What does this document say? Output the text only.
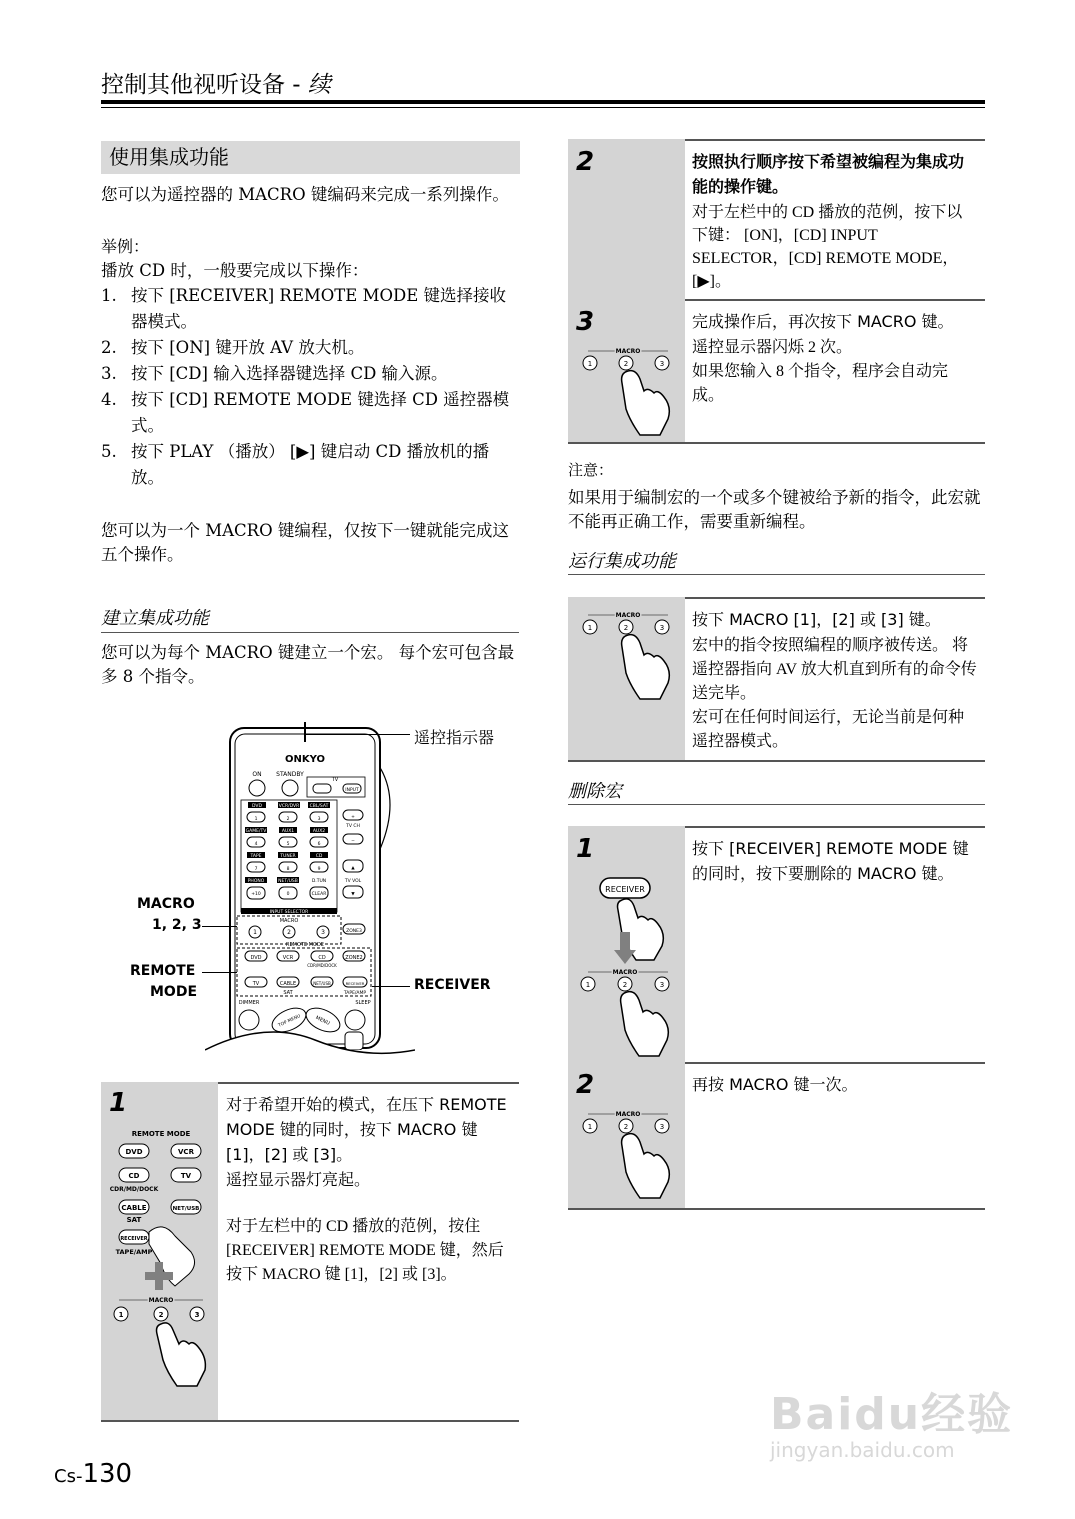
控制其他视听设备 - 续
使用集成功能
您可以为遥控器的 MACRO 键编码来完成一系列操作。
举例：
播放 CD 时，一般要完成以下操作：
1. 按下 [RECEIVER] REMOTE MODE 键选择接收器模式。
2. 按下 [ON] 键开放 AV 放大机。
3. 按下 [CD] 输入选择器键选择 CD 输入源。
4. 按下 [CD] REMOTE MODE 键选择 CD 遥控器模式。
5. 按下 PLAY （播放） [▶] 键启动 CD 播放机的播放。
您可以为一个 MACRO 键编程，仅按下一键就能完成这五个操作。
建立集成功能
您可以为每个 MACRO 键建立一个宏。 每个宏可包含最多 8 个指令。
ONKYO
ON STANDBY
TV
INPUT
DVD	VCR/DVR CBL/SAT
1	2	3
GAME/TV	AUX1	AUX2
4	5	6
TAPE	TUNER	CD
7	8	9
PHONO	NET/USB	D.TUN
+10	0	CLEAR
TV CH
+
−
▲
TV VOL
▼
INPUT SELECTOR
MACRO
1	2	3	ZONE3
REMOTE MODE
DVD	VCR	CD	ZONE2
CDR/MD/DOCK
TV	CABLE	NET/USB	RECEIVER
SAT	TAPE/AMP
DIMMER	SLEEP
TOP MENU	MENU
遥控指示器
MACRO
1, 2, 3
REMOTE
MODE	RECEIVER
1
REMOTE MODE
DVD	VCR
CD	TV
CDR/MD/DOCK
CABLE	NET/USB
SAT
RECEIVER
TAPE/AMP
MACRO
1	2	3
对于希望开始的模式，在压下 REMOTE MODE 键的同时，按下 MACRO 键 [1]，[2] 或 [3]。
遥控显示器灯亮起。
对于左栏中的 CD 播放的范例，按住 [RECEIVER] REMOTE MODE 键，然后按下 MACRO 键 [1]，[2] 或 [3]。
2	按照执行顺序按下希望被编程为集成功能的操作键。
对于左栏中的 CD 播放的范例，按下以下键： [ON]，[CD] INPUT SELECTOR，[CD] REMOTE MODE，[▶]。
3
MACRO
1	2	3
完成操作后，再次按下 MACRO 键。
遥控显示器闪烁 2 次。
如果您输入 8 个指令，程序会自动完成。
注意：
如果用于编制宏的一个或多个键被给予新的指令，此宏就不能再正确工作，需要重新编程。
运行集成功能
MACRO
1	2	3 按下 MACRO [1]，[2] 或 [3] 键。
宏中的指令按照编程的顺序被传送。 将遥控器指向 AV 放大机直到所有的命令传送完毕。
宏可在任何时间运行，无论当前是何种遥控器模式。
删除宏
1
RECEIVER
MACRO
1	2	3
按下 [RECEIVER] REMOTE MODE 键的同时，按下要删除的 MACRO 键。
2
MACRO
1	2	3
再按 MACRO 键一次。
Cs-130
Baidu经验
jingyan.baidu.com
